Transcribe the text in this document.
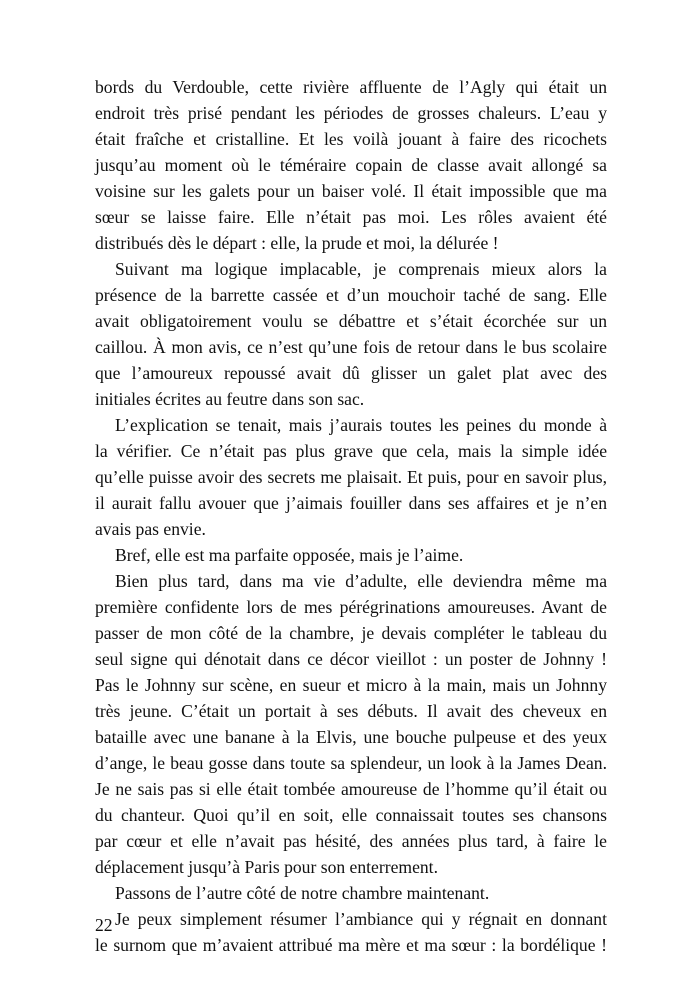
bords du Verdouble, cette rivière affluente de l’Agly qui était un
endroit très prisé pendant les périodes de grosses chaleurs. L’eau y
était fraîche et cristalline. Et les voilà jouant à faire des ricochets
jusqu’au moment où le téméraire copain de classe avait allongé sa
voisine sur les galets pour un baiser volé. Il était impossible que ma
sœur se laisse faire. Elle n’était pas moi. Les rôles avaient été
distribués dès le départ : elle, la prude et moi, la délurée !
Suivant ma logique implacable, je comprenais mieux alors la
présence de la barrette cassée et d’un mouchoir taché de sang. Elle
avait obligatoirement voulu se débattre et s’était écorchée sur un
caillou. À mon avis, ce n’est qu’une fois de retour dans le bus scolaire
que l’amoureux repoussé avait dû glisser un galet plat avec des
initiales écrites au feutre dans son sac.
L’explication se tenait, mais j’aurais toutes les peines du monde à
la vérifier. Ce n’était pas plus grave que cela, mais la simple idée
qu’elle puisse avoir des secrets me plaisait. Et puis, pour en savoir plus,
il aurait fallu avouer que j’aimais fouiller dans ses affaires et je n’en
avais pas envie.
Bref, elle est ma parfaite opposée, mais je l’aime.
Bien plus tard, dans ma vie d’adulte, elle deviendra même ma
première confidente lors de mes pérégrinations amoureuses. Avant de
passer de mon côté de la chambre, je devais compléter le tableau du
seul signe qui dénotait dans ce décor vieillot : un poster de Johnny !
Pas le Johnny sur scène, en sueur et micro à la main, mais un Johnny
très jeune. C’était un portait à ses débuts. Il avait des cheveux en
bataille avec une banane à la Elvis, une bouche pulpeuse et des yeux
d’ange, le beau gosse dans toute sa splendeur, un look à la James Dean.
Je ne sais pas si elle était tombée amoureuse de l’homme qu’il était ou
du chanteur. Quoi qu’il en soit, elle connaissait toutes ses chansons
par cœur et elle n’avait pas hésité, des années plus tard, à faire le
déplacement jusqu’à Paris pour son enterrement.
Passons de l’autre côté de notre chambre maintenant.
Je peux simplement résumer l’ambiance qui y régnait en donnant
le surnom que m’avaient attribué ma mère et ma sœur : la bordélique !
22
